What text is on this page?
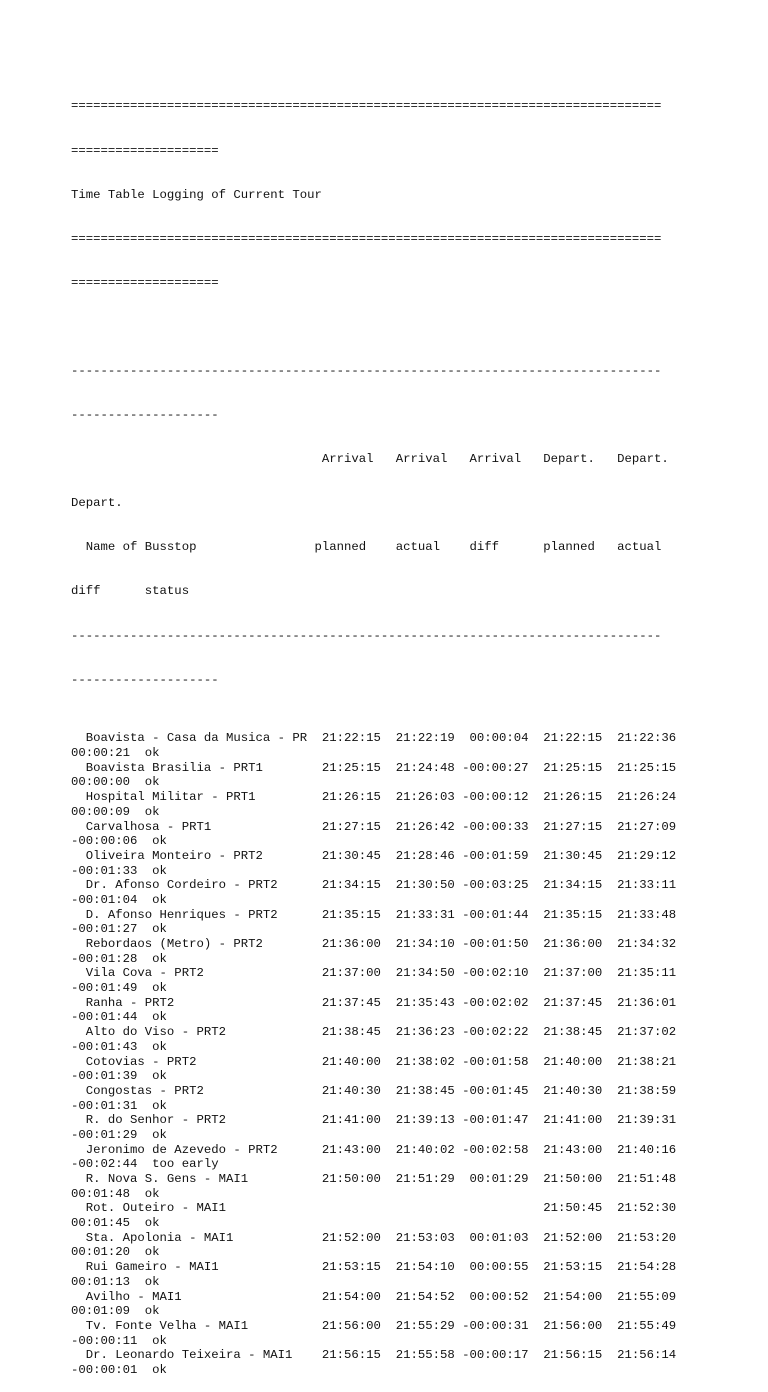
================================================================================

====================

Time Table Logging of Current Tour

================================================================================

====================

--------------------------------------------------------------------------------

--------------------

Arrival   Arrival   Arrival   Depart.   Depart.

Depart.

Name of Busstop                planned    actual    diff      planned   actual

diff      status

--------------------------------------------------------------------------------

--------------------

Boavista - Casa da Musica - PR  21:22:15  21:22:19  00:00:04  21:22:15  21:22:36
00:00:21  ok
Boavista Brasilia - PRT1        21:25:15  21:24:48 -00:00:27  21:25:15  21:25:15
00:00:00  ok
Hospital Militar - PRT1         21:26:15  21:26:03 -00:00:12  21:26:15  21:26:24
00:00:09  ok
Carvalhosa - PRT1               21:27:15  21:26:42 -00:00:33  21:27:15  21:27:09
-00:00:06  ok
Oliveira Monteiro - PRT2        21:30:45  21:28:46 -00:01:59  21:30:45  21:29:12
-00:01:33  ok
Dr. Afonso Cordeiro - PRT2      21:34:15  21:30:50 -00:03:25  21:34:15  21:33:11
-00:01:04  ok
D. Afonso Henriques - PRT2      21:35:15  21:33:31 -00:01:44  21:35:15  21:33:48
-00:01:27  ok
Rebordaos (Metro) - PRT2        21:36:00  21:34:10 -00:01:50  21:36:00  21:34:32
-00:01:28  ok
Vila Cova - PRT2                21:37:00  21:34:50 -00:02:10  21:37:00  21:35:11
-00:01:49  ok
Ranha - PRT2                    21:37:45  21:35:43 -00:02:02  21:37:45  21:36:01
-00:01:44  ok
Alto do Viso - PRT2             21:38:45  21:36:23 -00:02:22  21:38:45  21:37:02
-00:01:43  ok
Cotovias - PRT2                 21:40:00  21:38:02 -00:01:58  21:40:00  21:38:21
-00:01:39  ok
Congostas - PRT2                21:40:30  21:38:45 -00:01:45  21:40:30  21:38:59
-00:01:31  ok
R. do Senhor - PRT2             21:41:00  21:39:13 -00:01:47  21:41:00  21:39:31
-00:01:29  ok
Jeronimo de Azevedo - PRT2      21:43:00  21:40:02 -00:02:58  21:43:00  21:40:16
-00:02:44  too early
R. Nova S. Gens - MAI1          21:50:00  21:51:29  00:01:29  21:50:00  21:51:48
00:01:48  ok
Rot. Outeiro - MAI1                                           21:50:45  21:52:30
00:01:45  ok
Sta. Apolonia - MAI1            21:52:00  21:53:03  00:01:03  21:52:00  21:53:20
00:01:20  ok
Rui Gameiro - MAI1              21:53:15  21:54:10  00:00:55  21:53:15  21:54:28
00:01:13  ok
Avilho - MAI1                   21:54:00  21:54:52  00:00:52  21:54:00  21:55:09
00:01:09  ok
Tv. Fonte Velha - MAI1          21:56:00  21:55:29 -00:00:31  21:56:00  21:55:49
-00:00:11  ok
Dr. Leonardo Teixeira - MAI1    21:56:15  21:55:58 -00:00:17  21:56:15  21:56:14
-00:00:01  ok
